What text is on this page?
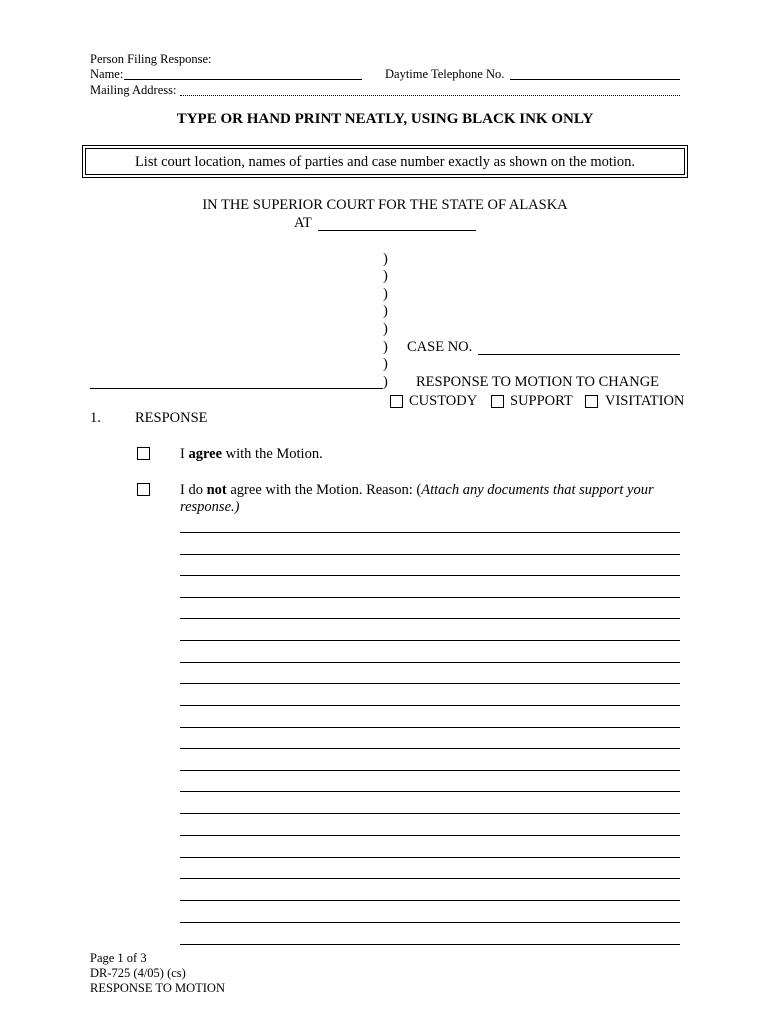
Person Filing Response:
Name:	Daytime Telephone No.
Mailing Address:
TYPE OR HAND PRINT NEATLY, USING BLACK INK ONLY
List court location, names of parties and case number exactly as shown on the motion.
IN THE SUPERIOR COURT FOR THE STATE OF ALASKA
AT
)
)
)
)
)
)
)
)
CASE NO.
RESPONSE TO MOTION TO CHANGE
CUSTODY SUPPORT VISITATION
1. RESPONSE
I agree with the Motion.
I do not agree with the Motion. Reason: (Attach any documents that support your response.)
Page 1 of 3
DR-725 (4/05) (cs)
RESPONSE TO MOTION
